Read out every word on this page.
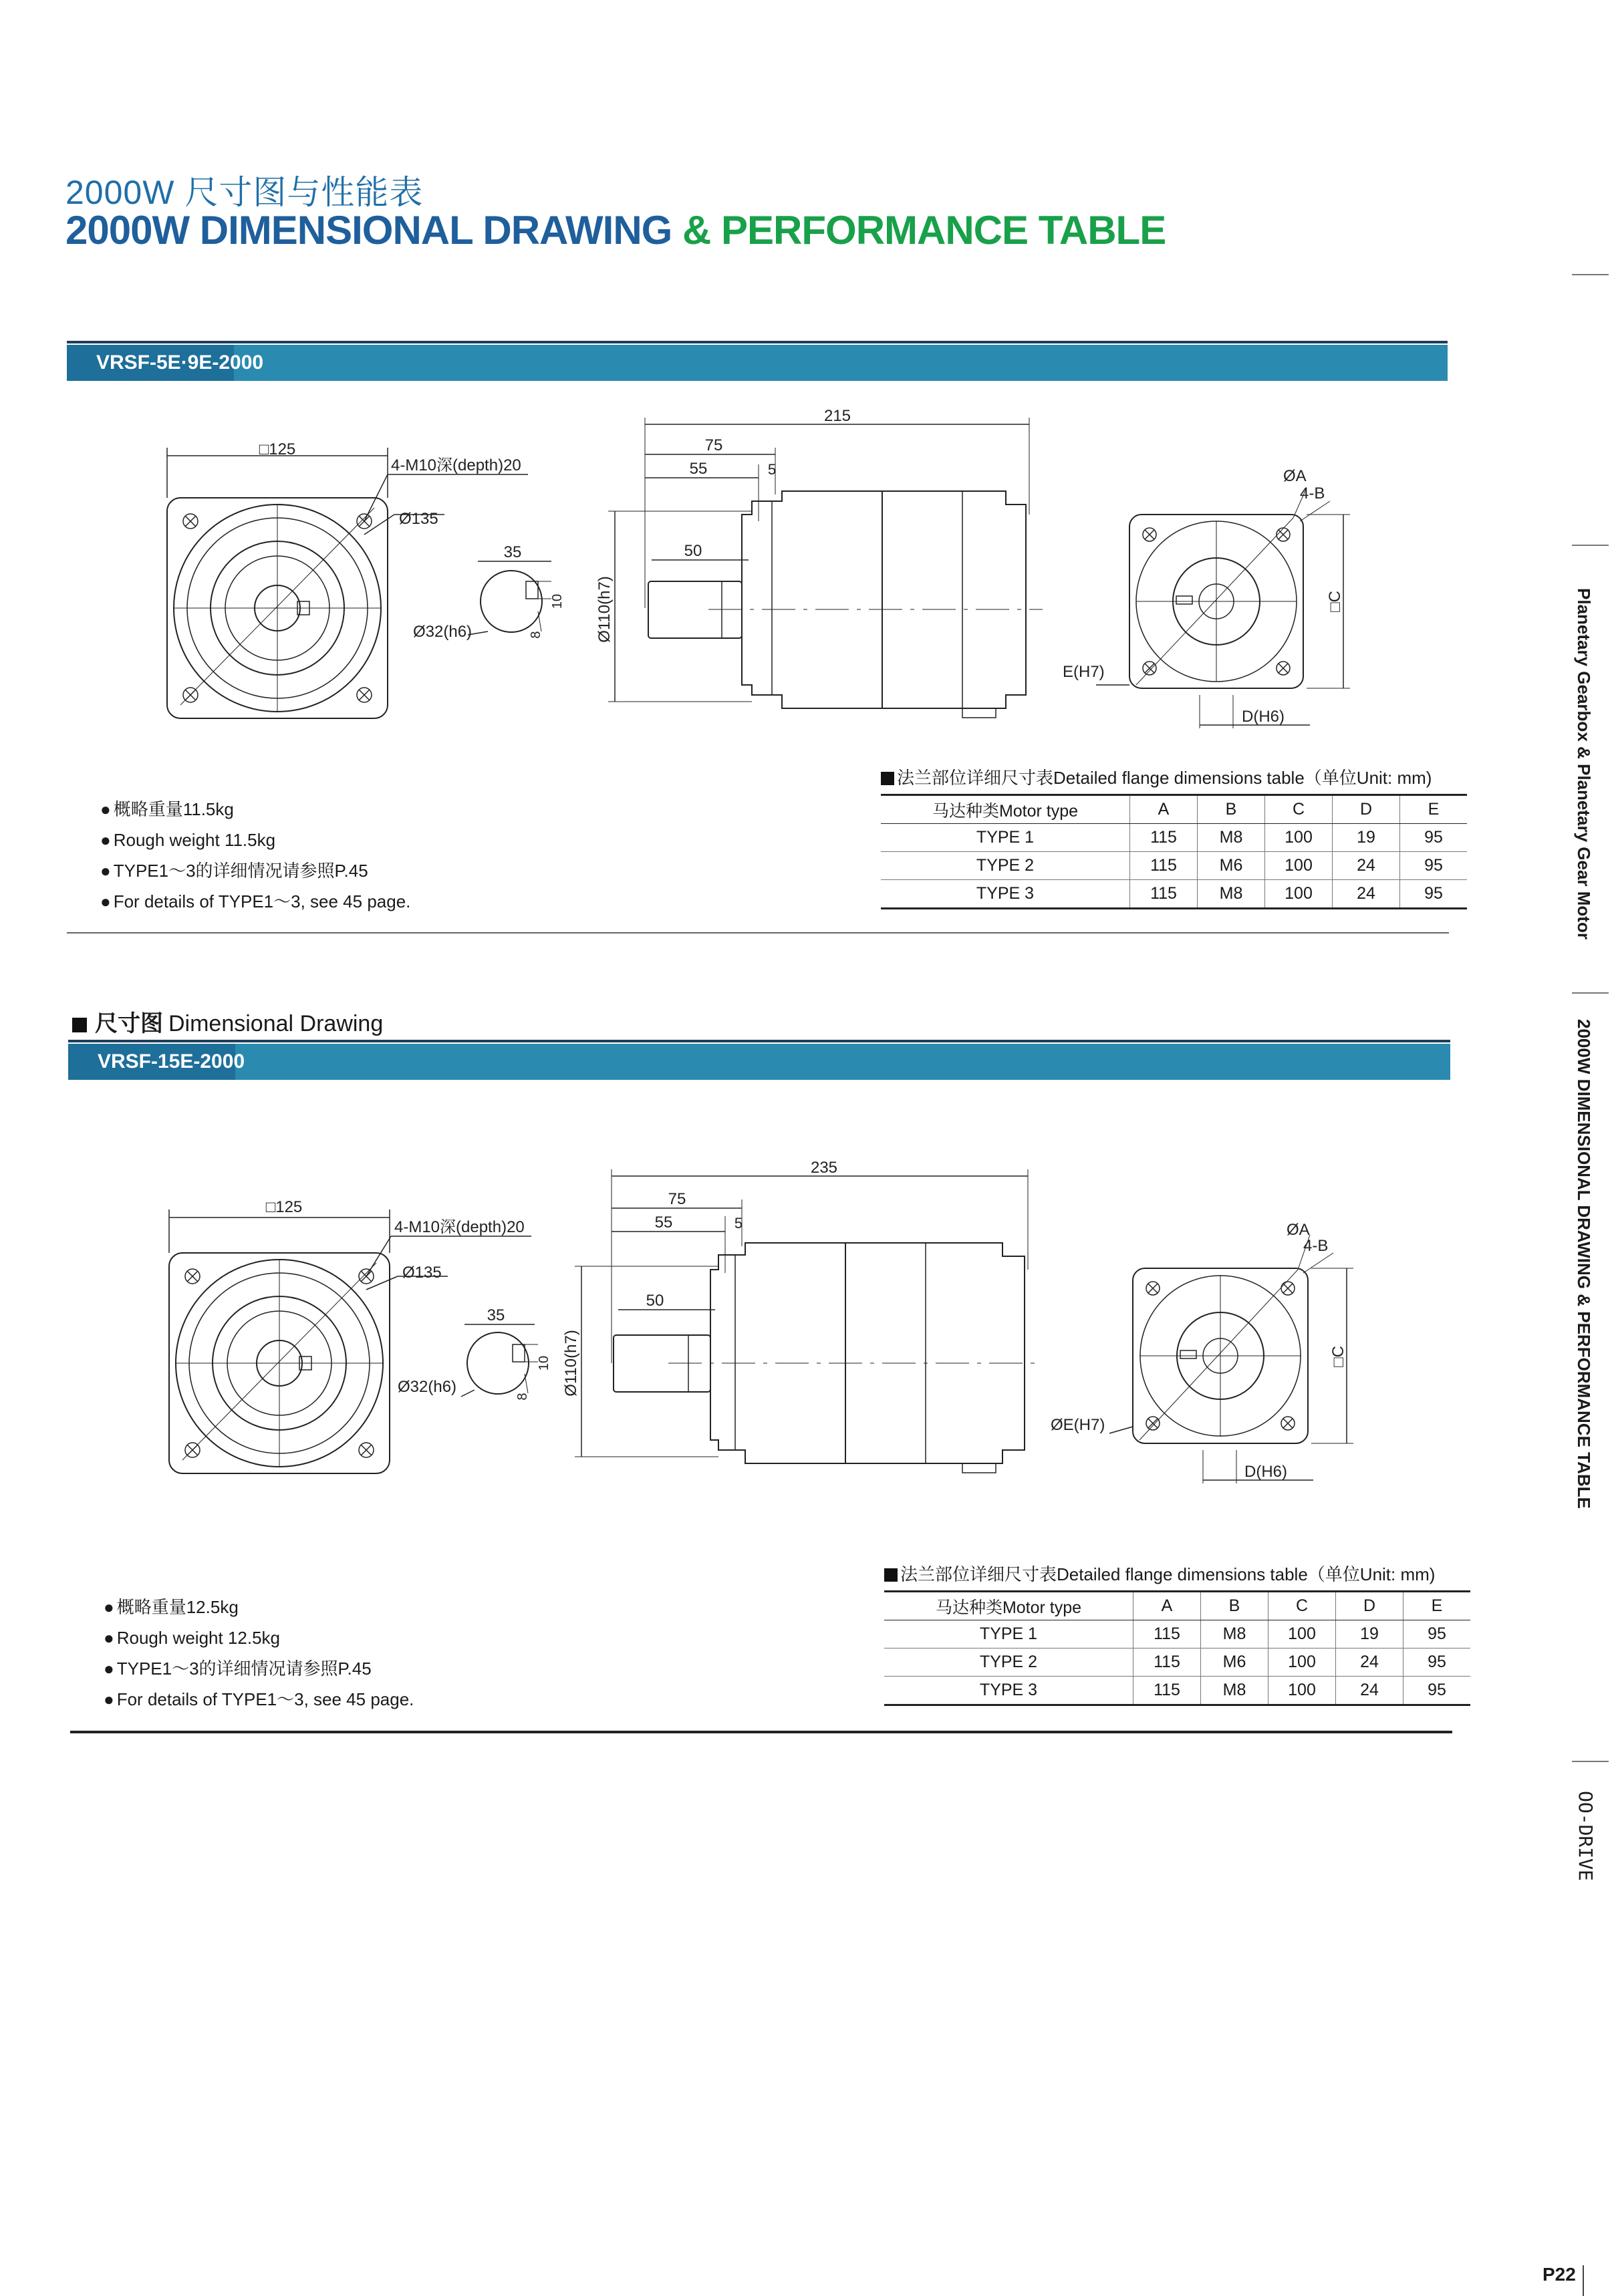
2000W 尺寸图与性能表
2000W DIMENSIONAL DRAWING & PERFORMANCE TABLE
VRSF-5E·9E-2000
□125
4-M10深(depth)20
Ø135
35
Ø32(h6)
10
8
215
75
55	5
50
Ø110(h7)
ØA
4-B
□C
E(H7)
D(H6)
● 概略重量11.5kg
● Rough weight 11.5kg
● TYPE1～3的详细情况请参照P.45
● For details of TYPE1～3, see 45 page.
法兰部位详细尺寸表Detailed flange dimensions table（单位Unit: mm)
马达种类Motor type	A	B	C	D	E
TYPE 1	115	M8	100	19	95
TYPE 2	115	M6	100	24	95
TYPE 3	115	M8	100	24	95
尺寸图 Dimensional Drawing
VRSF-15E-2000
□125
4-M10深(depth)20
Ø135
35
Ø32(h6)
10
8
235
75
55	5
50
Ø110(h7)
ØA
4-B
□C
ØE(H7)
D(H6)
● 概略重量12.5kg
● Rough weight 12.5kg
● TYPE1～3的详细情况请参照P.45
● For details of TYPE1～3, see 45 page.
法兰部位详细尺寸表Detailed flange dimensions table（单位Unit: mm)
马达种类Motor type	A	B	C	D	E
TYPE 1	115	M8	100	19	95
TYPE 2	115	M6	100	24	95
TYPE 3	115	M8	100	24	95
Planetary Gearbox & Planetary Gear Motor
2000W DIMENSIONAL DRAWING & PERFORMANCE TABLE
OO-DRIVE
P22
